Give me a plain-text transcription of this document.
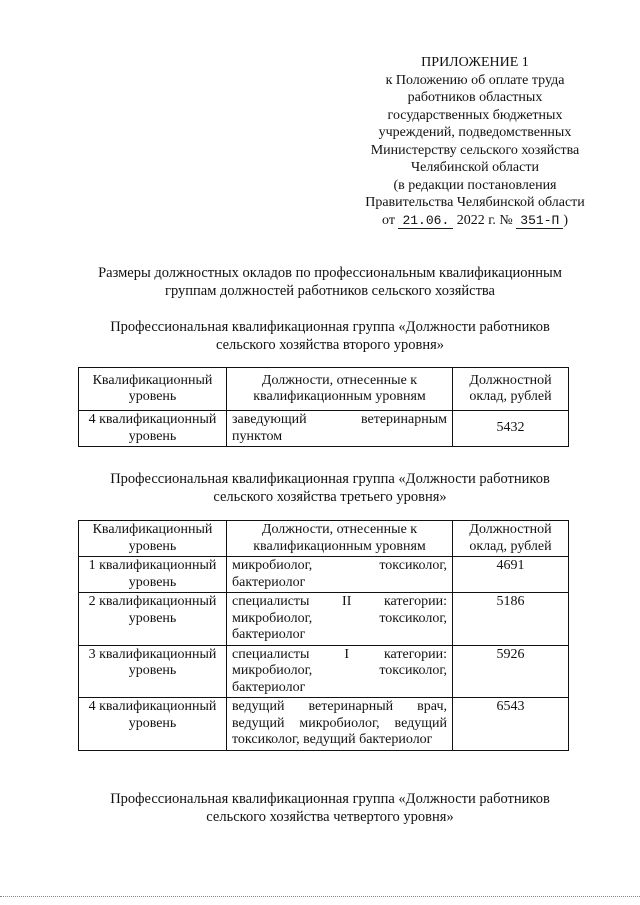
ПРИЛОЖЕНИЕ 1
к Положению об оплате труда
работников областных
государственных бюджетных
учреждений, подведомственных
Министерству сельского хозяйства
Челябинской области
(в редакции постановления
Правительства Челябинской области
от 21.06. 2022 г. № 351-П )
Размеры должностных окладов по профессиональным квалификационным
группам должностей работников сельского хозяйства
Профессиональная квалификационная группа «Должности работников
сельского хозяйства второго уровня»
Квалификационный уровень	Должности, отнесенные к квалификационным уровням	Должностной оклад, рублей
4 квалификационный уровень	заведующий ветеринарным пунктом	5432
Профессиональная квалификационная группа «Должности работников
сельского хозяйства третьего уровня»
Квалификационный уровень	Должности, отнесенные к квалификационным уровням	Должностной оклад, рублей
1 квалификационный уровень	микробиолог, токсиколог, бактериолог	4691
2 квалификационный уровень	специалисты II категории: микробиолог, токсиколог, бактериолог	5186
3 квалификационный уровень	специалисты I категории: микробиолог, токсиколог, бактериолог	5926
4 квалификационный уровень	ведущий ветеринарный врач, ведущий микробиолог, ведущий токсиколог, ведущий бактериолог	6543
Профессиональная квалификационная группа «Должности работников
сельского хозяйства четвертого уровня»
